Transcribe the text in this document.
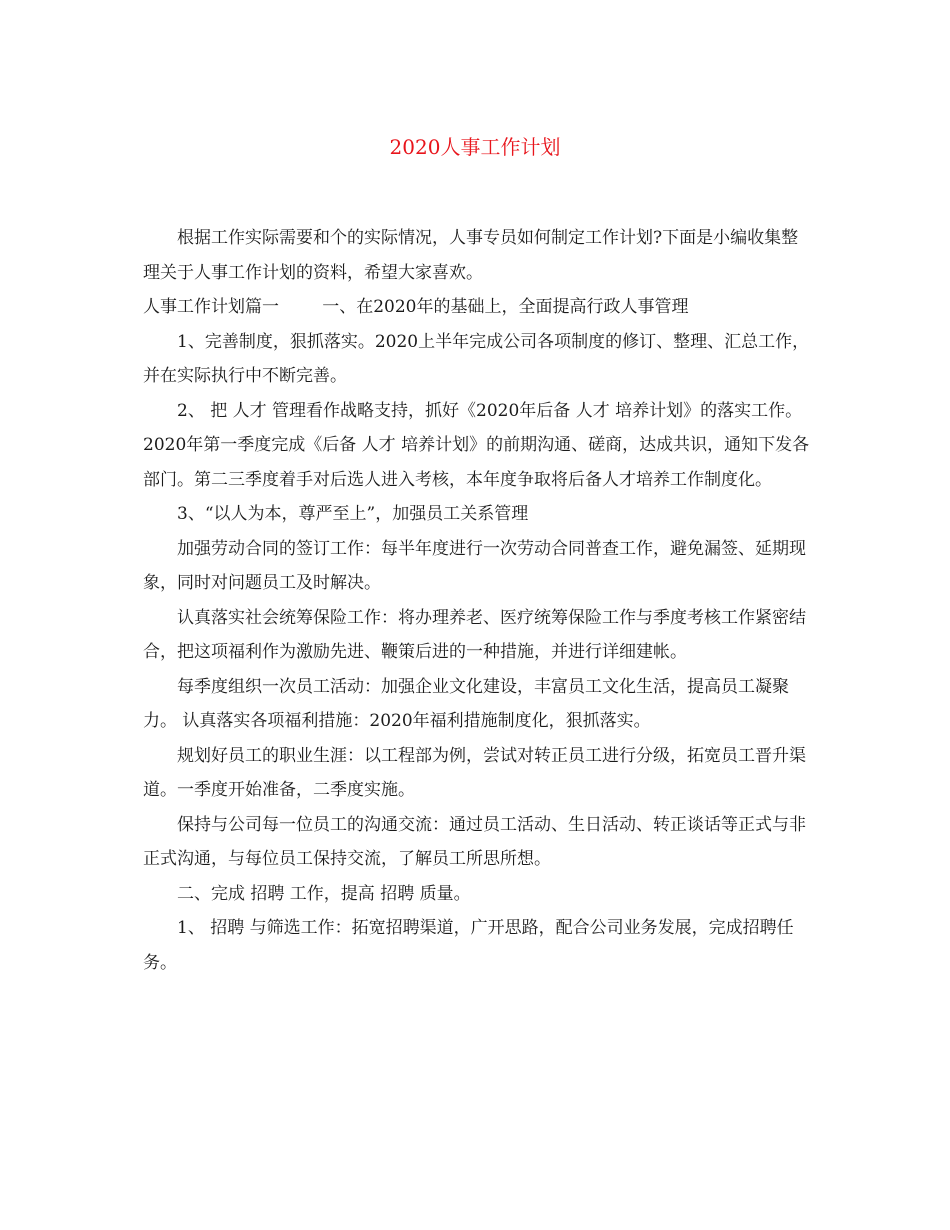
2020人事工作计划

根据工作实际需要和个的实际情况，人事专员如何制定工作计划?下面是小编收集整理关于人事工作计划的资料，希望大家喜欢。

人事工作计划篇一        一、在2020年的基础上，全面提高行政人事管理

1、完善制度，狠抓落实。2020上半年完成公司各项制度的修订、整理、汇总工作，并在实际执行中不断完善。

2、 把 人才 管理看作战略支持，抓好《2020年后备 人才 培养计划》的落实工作。2020年第一季度完成《后备 人才 培养计划》的前期沟通、磋商，达成共识，通知下发各部门。第二三季度着手对后选人进入考核，本年度争取将后备人才培养工作制度化。

3、“以人为本，尊严至上”，加强员工关系管理

加强劳动合同的签订工作：每半年度进行一次劳动合同普查工作，避免漏签、延期现象，同时对问题员工及时解决。

认真落实社会统筹保险工作：将办理养老、医疗统筹保险工作与季度考核工作紧密结合，把这项福利作为激励先进、鞭策后进的一种措施，并进行详细建帐。

每季度组织一次员工活动：加强企业文化建设，丰富员工文化生活，提高员工凝聚力。 认真落实各项福利措施：2020年福利措施制度化，狠抓落实。

规划好员工的职业生涯：以工程部为例，尝试对转正员工进行分级，拓宽员工晋升渠道。一季度开始准备，二季度实施。

保持与公司每一位员工的沟通交流：通过员工活动、生日活动、转正谈话等正式与非正式沟通，与每位员工保持交流，了解员工所思所想。

二、完成 招聘 工作，提高 招聘 质量。

1、 招聘 与筛选工作：拓宽招聘渠道，广开思路，配合公司业务发展，完成招聘任务。
